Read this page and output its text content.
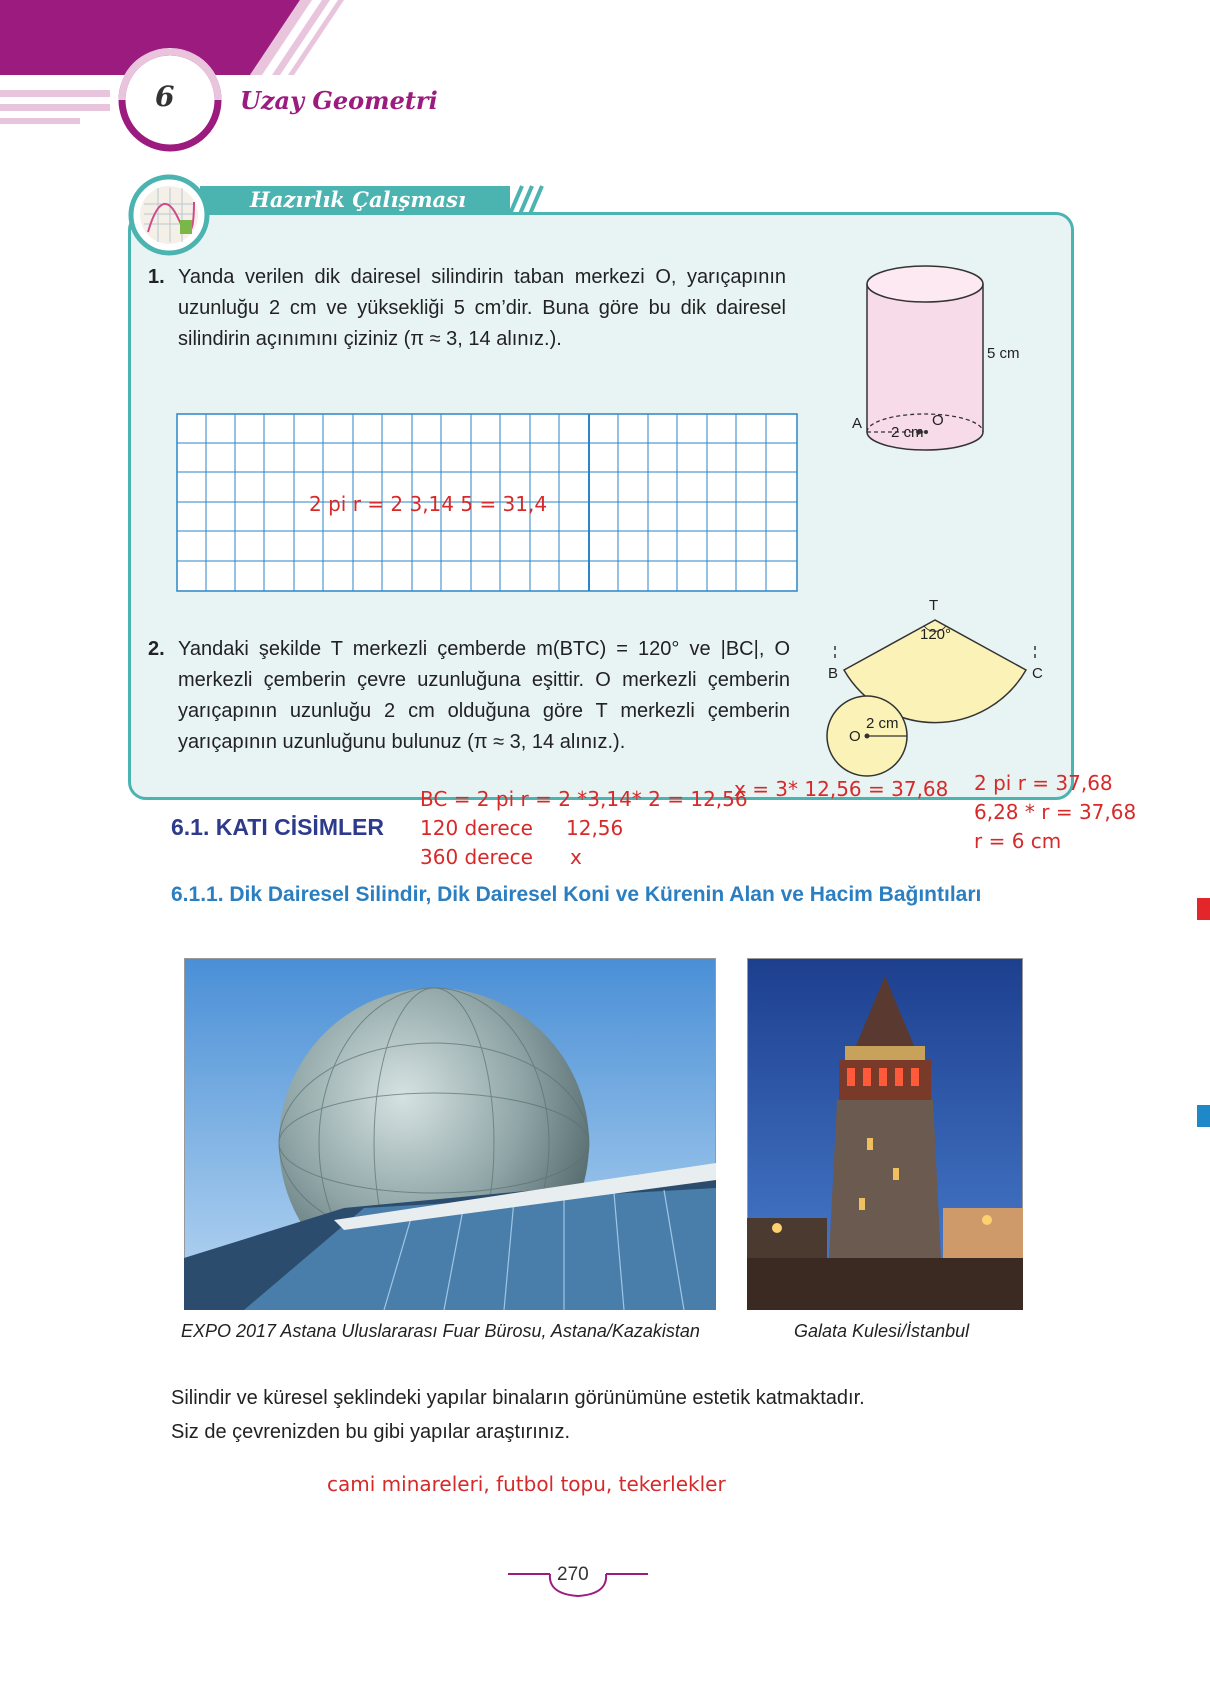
6	Uzay Geometri
Hazırlık Çalışması
1. Yanda verilen dik dairesel silindirin taban merkezi O, yarıçapının uzunluğu 2 cm ve yüksekliği 5 cm’dir. Buna göre bu dik dairesel silindirin açınımını çiziniz (π ≈ 3, 14 alınız.).
2 pi r = 2 3,14 5 = 31,4
5 cm
A
2 cm
O
2. Yandaki şekilde T merkezli çemberde m(BTC) = 120° ve |BC|, O merkezli çemberin çevre uzunluğuna eşittir. O merkezli çemberin yarıçapının uzunluğu 2 cm olduğuna göre T merkezli çemberin yarıçapının uzunluğunu bulunuz (π ≈ 3, 14 alınız.).
T
120°
B	C
O
2 cm
BC = 2 pi r = 2 *3,14* 2 = 12,56
120 derece 12,56
360 derece x
x = 3* 12,56 = 37,68 2 pi r = 37,68
6,28 * r = 37,68
r = 6 cm
6.1. KATI CİSİMLER
6.1.1. Dik Dairesel Silindir, Dik Dairesel Koni ve Kürenin Alan ve Hacim Bağıntıları
EXPO 2017 Astana Uluslararası Fuar Bürosu, Astana/Kazakistan	Galata Kulesi/İstanbul
Silindir ve küresel şeklindeki yapılar binaların görünümüne estetik katmaktadır.
Siz de çevrenizden bu gibi yapılar araştırınız.
cami minareleri, futbol topu, tekerlekler
270
